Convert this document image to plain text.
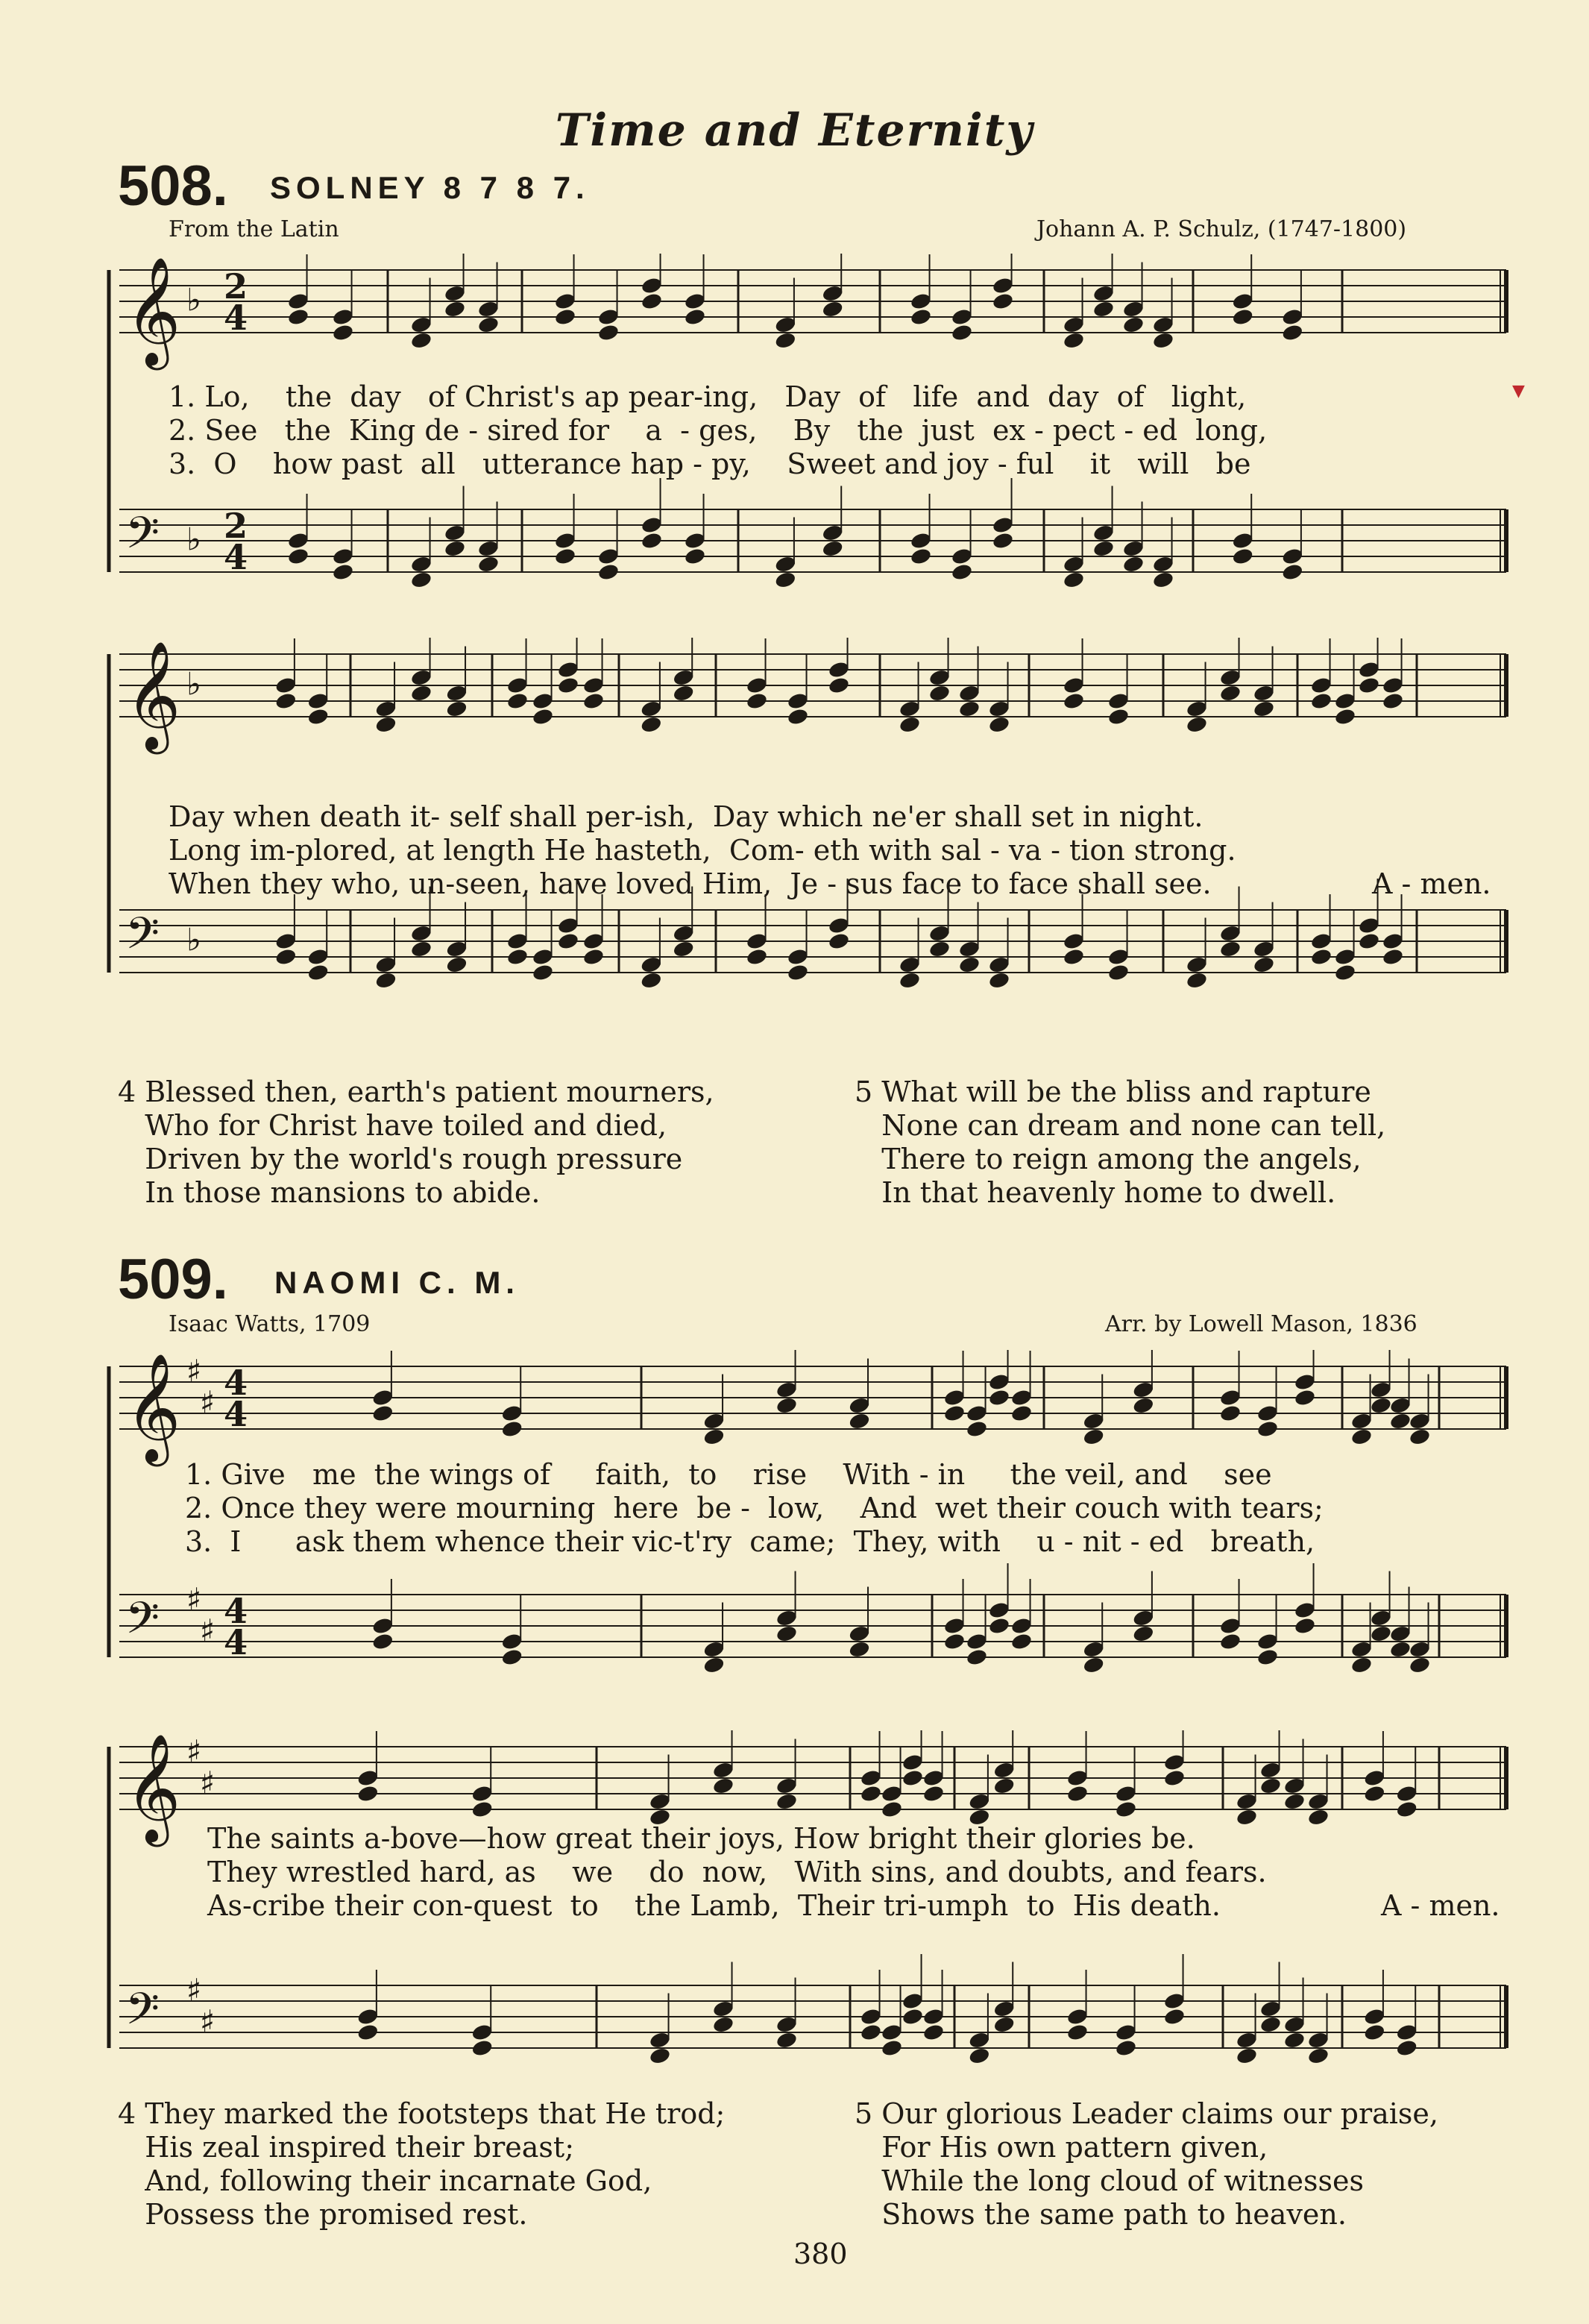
Time and Eternity
508. SOLNEY 8 7 8 7.
From the Latin	Johann A. P. Schulz, (1747-1800)
𝄞 ♭ 2
4
𝄢 ♭ 2
4
1. Lo,    the  day   of Christ's ap pear-ing,   Day  of   life  and  day  of   light,
2. See   the  King de - sired for    a  - ges,    By   the  just  ex - pect - ed  long,
3.  O    how past  all   utterance hap - py,    Sweet and joy - ful    it   will   be
▼
𝄞 ♭
𝄢 ♭
Day when death it- self shall per-ish,  Day which ne'er shall set in night.
Long im-plored, at length He hasteth,  Com- eth with sal - va - tion strong.
When they who, un-seen, have loved Him,  Je - sus face to face shall see.	A - men.
4 Blessed then, earth's patient mourners,
Who for Christ have toiled and died,
Driven by the world's rough pressure
In those mansions to abide.
5 What will be the bliss and rapture
None can dream and none can tell,
There to reign among the angels,
In that heavenly home to dwell.
509. NAOMI C. M.
Isaac Watts, 1709	Arr. by Lowell Mason, 1836
𝄞 ♯
♯ 4
4
𝄢 ♯
♯ 4
4
1. Give   me  the wings of     faith,  to    rise    With - in     the veil, and    see
2. Once they were mourning  here  be -  low,    And  wet their couch with tears;
3.  I      ask them whence their vic-t'ry  came;  They, with    u - nit - ed   breath,
𝄞 ♯
♯
𝄢 ♯
♯
The saints a-bove—how great their joys, How bright their glories be.
They wrestled hard, as    we    do  now,   With sins, and doubts, and fears.
As-cribe their con-quest  to    the Lamb,  Their tri-umph  to  His death.	A - men.
4 They marked the footsteps that He trod;
His zeal inspired their breast;
And, following their incarnate God,
Possess the promised rest.
5 Our glorious Leader claims our praise,
For His own pattern given,
While the long cloud of witnesses
Shows the same path to heaven.
380
